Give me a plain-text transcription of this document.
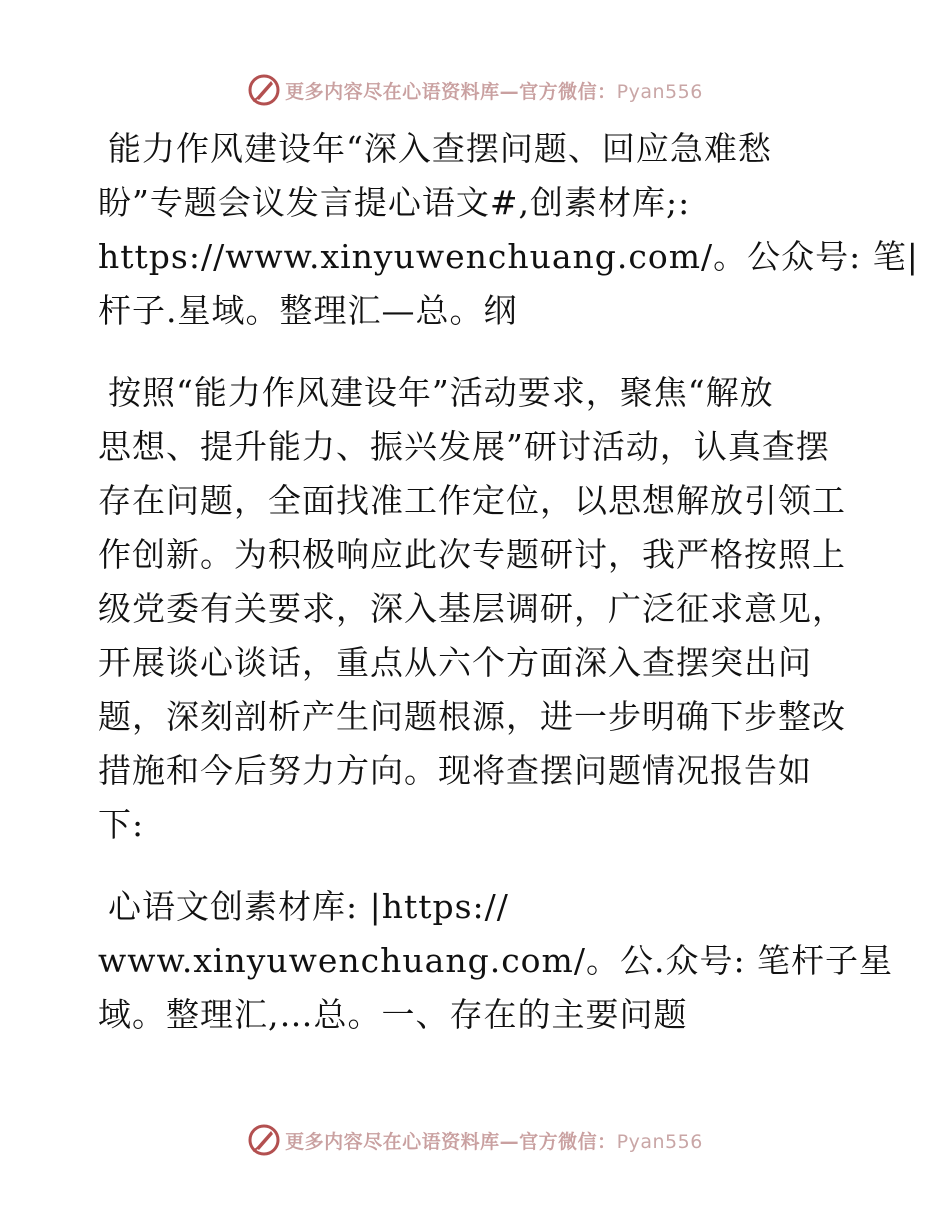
更多内容尽在心语资料库—官方微信：Pyan556
能力作风建设年“深入查摆问题、回应急难愁
盼”专题会议发言提心语文#,创素材库;:
https://www.xinyuwenchuang.com/。公众号: 笔|
杆子.星域。整理汇—总。纲
按照“能力作风建设年”活动要求，聚焦“解放
思想、提升能力、振兴发展”研讨活动，认真查摆
存在问题，全面找准工作定位，以思想解放引领工
作创新。为积极响应此次专题研讨，我严格按照上
级党委有关要求，深入基层调研，广泛征求意见，
开展谈心谈话，重点从六个方面深入查摆突出问
题，深刻剖析产生问题根源，进一步明确下步整改
措施和今后努力方向。现将查摆问题情况报告如
下:
心语文创素材库: |https://
www.xinyuwenchuang.com/。公.众号: 笔杆子星
域。整理汇,…总。一、存在的主要问题
更多内容尽在心语资料库—官方微信：Pyan556
